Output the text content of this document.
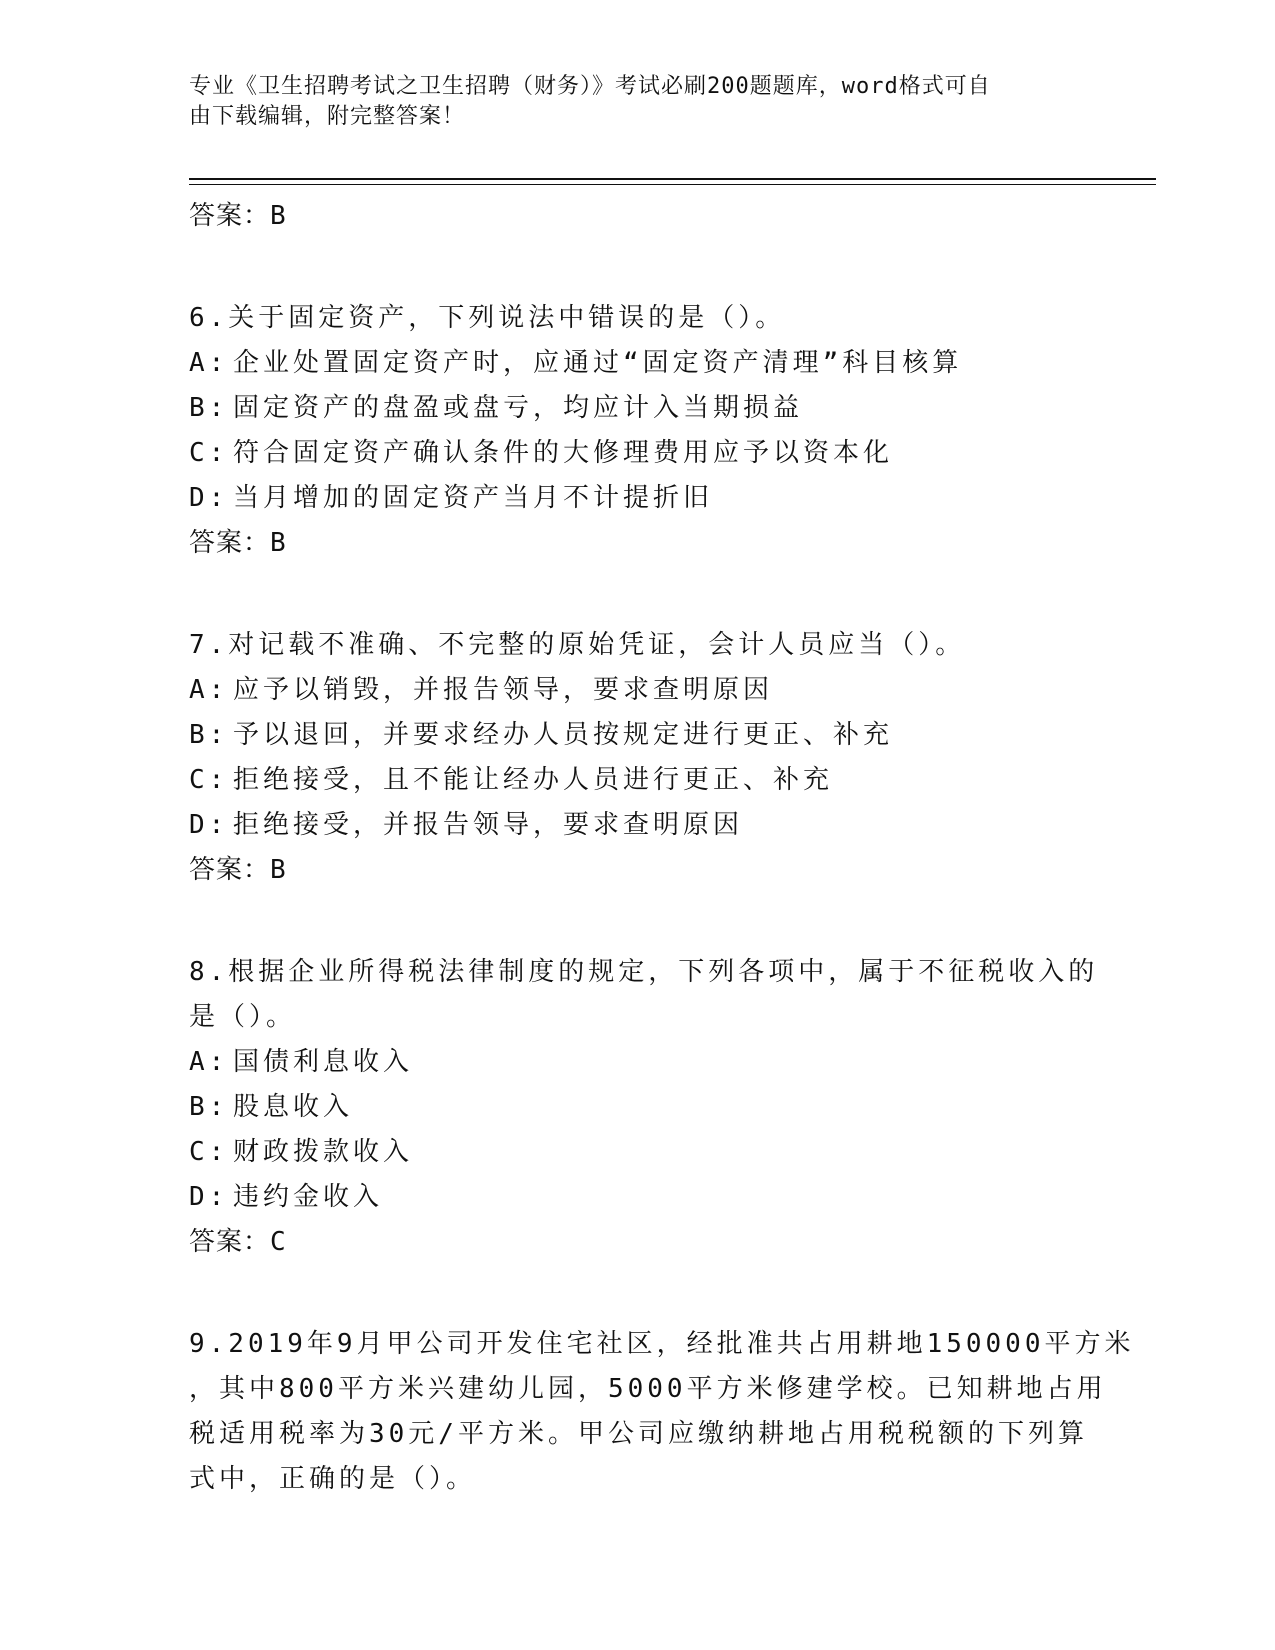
专业《卫生招聘考试之卫生招聘（财务）》考试必刷200题题库，word格式可自
由下载编辑，附完整答案！
答案：B
6.关于固定资产，下列说法中错误的是（）。
A: 企业处置固定资产时，应通过“固定资产清理”科目核算
B: 固定资产的盘盈或盘亏，均应计入当期损益
C: 符合固定资产确认条件的大修理费用应予以资本化
D: 当月增加的固定资产当月不计提折旧
答案：B
7.对记载不准确、不完整的原始凭证，会计人员应当（）。
A: 应予以销毁，并报告领导，要求查明原因
B: 予以退回，并要求经办人员按规定进行更正、补充
C: 拒绝接受，且不能让经办人员进行更正、补充
D: 拒绝接受，并报告领导，要求查明原因
答案：B
8.根据企业所得税法律制度的规定，下列各项中，属于不征税收入的
是（）。
A: 国债利息收入
B: 股息收入
C: 财政拨款收入
D: 违约金收入
答案：C
9.2019年9月甲公司开发住宅社区，经批准共占用耕地150000平方米
，其中800平方米兴建幼儿园，5000平方米修建学校。已知耕地占用
税适用税率为30元/平方米。甲公司应缴纳耕地占用税税额的下列算
式中，正确的是（）。
